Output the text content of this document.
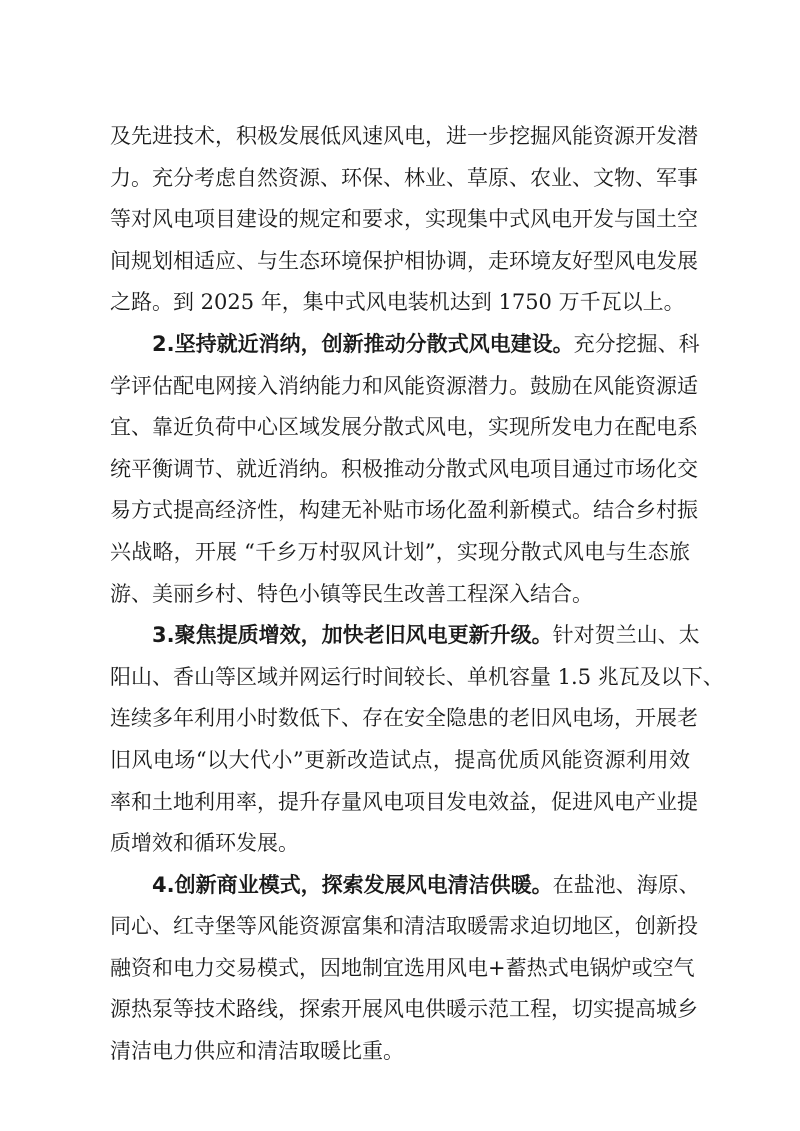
及先进技术，积极发展低风速风电，进一步挖掘风能资源开发潜
力。充分考虑自然资源、环保、林业、草原、农业、文物、军事
等对风电项目建设的规定和要求，实现集中式风电开发与国土空
间规划相适应、与生态环境保护相协调，走环境友好型风电发展
之路。到 2025 年，集中式风电装机达到 1750 万千瓦以上。
2.坚持就近消纳，创新推动分散式风电建设。充分挖掘、科
学评估配电网接入消纳能力和风能资源潜力。鼓励在风能资源适
宜、靠近负荷中心区域发展分散式风电，实现所发电力在配电系
统平衡调节、就近消纳。积极推动分散式风电项目通过市场化交
易方式提高经济性，构建无补贴市场化盈利新模式。结合乡村振
兴战略，开展 “千乡万村驭风计划”，实现分散式风电与生态旅
游、美丽乡村、特色小镇等民生改善工程深入结合。
3.聚焦提质增效，加快老旧风电更新升级。针对贺兰山、太
阳山、香山等区域并网运行时间较长、单机容量 1.5 兆瓦及以下、
连续多年利用小时数低下、存在安全隐患的老旧风电场，开展老
旧风电场“以大代小”更新改造试点，提高优质风能资源利用效
率和土地利用率，提升存量风电项目发电效益，促进风电产业提
质增效和循环发展。
4.创新商业模式，探索发展风电清洁供暖。在盐池、海原、
同心、红寺堡等风能资源富集和清洁取暖需求迫切地区，创新投
融资和电力交易模式，因地制宜选用风电+蓄热式电锅炉或空气
源热泵等技术路线，探索开展风电供暖示范工程，切实提高城乡
清洁电力供应和清洁取暖比重。
